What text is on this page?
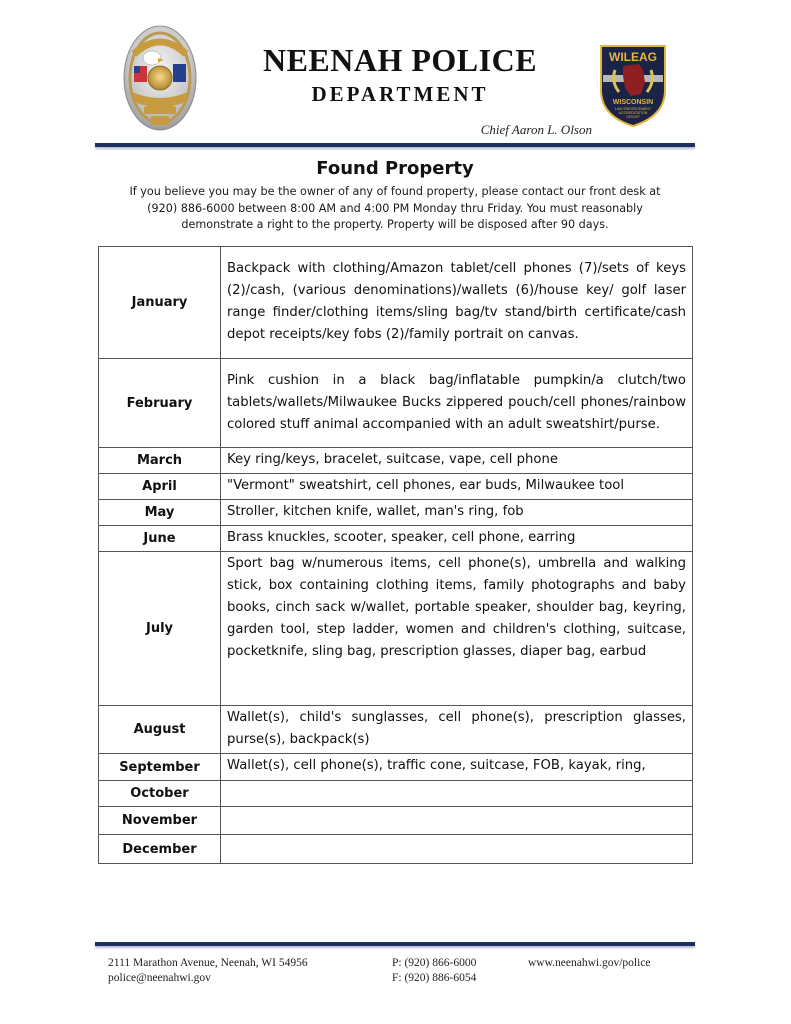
NEENAH POLICE
DEPARTMENT
WILEAG
WISCONSIN
LAW ENFORCEMENT
ACCREDITATION
GROUP
Chief Aaron L. Olson
Found Property
If you believe you may be the owner of any of found property, please contact our front desk at
(920) 886-6000 between 8:00 AM and 4:00 PM Monday thru Friday. You must reasonably
demonstrate a right to the property. Property will be disposed after 90 days.
January	Backpack with clothing/Amazon tablet/cell phones (7)/sets of keys (2)/cash, (various denominations)/wallets (6)/house key/ golf laser range finder/clothing items/sling bag/tv stand/birth certificate/cash depot receipts/key fobs (2)/family portrait on canvas.
February	Pink cushion in a black bag/inflatable pumpkin/a clutch/two tablets/wallets/Milwaukee Bucks zippered pouch/cell phones/rainbow colored stuff animal accompanied with an adult sweatshirt/purse.
March	Key ring/keys, bracelet, suitcase, vape, cell phone
April	"Vermont" sweatshirt, cell phones, ear buds, Milwaukee tool
May	Stroller, kitchen knife, wallet, man's ring, fob
June	Brass knuckles, scooter, speaker, cell phone, earring
July	Sport bag w/numerous items, cell phone(s), umbrella and walking stick, box containing clothing items, family photographs and baby books, cinch sack w/wallet, portable speaker, shoulder bag, keyring, garden tool, step ladder, women and children's clothing, suitcase, pocketknife, sling bag, prescription glasses, diaper bag, earbud
August	Wallet(s), child's sunglasses, cell phone(s), prescription glasses, purse(s), backpack(s)
September	Wallet(s), cell phone(s), traffic cone, suitcase, FOB, kayak, ring,
October	
November	
December	
2111 Marathon Avenue, Neenah, WI 54956
police@neenahwi.gov
P: (920) 866-6000
F: (920) 886-6054
www.neenahwi.gov/police
